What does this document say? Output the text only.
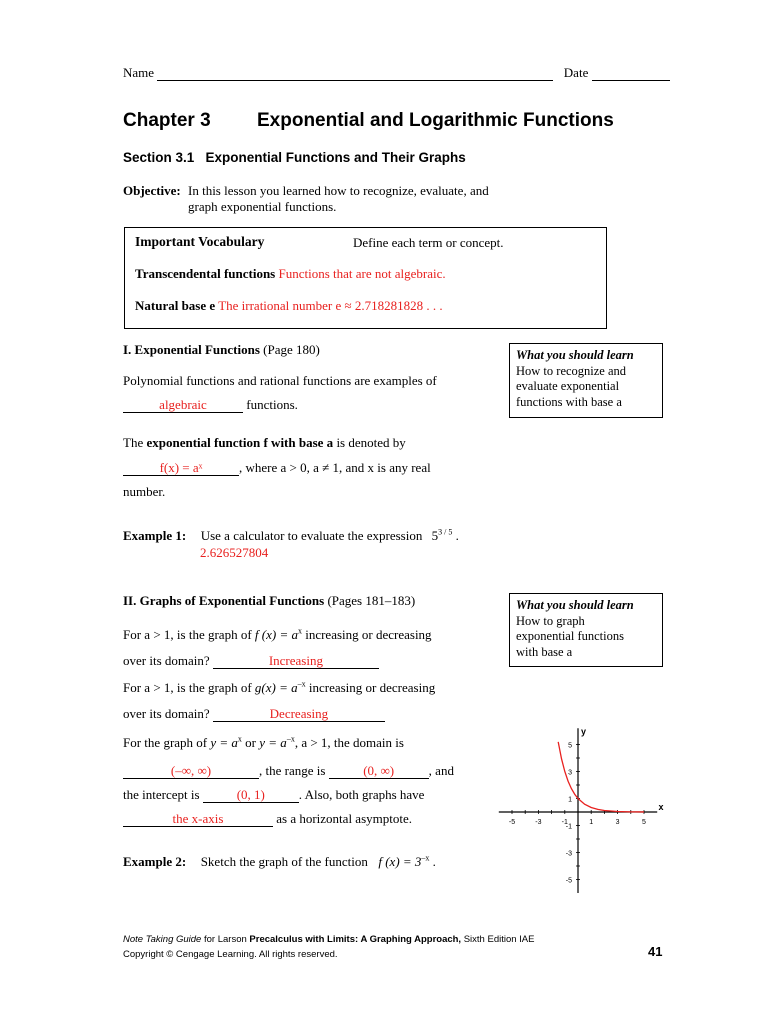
Name	Date
Chapter 3 Exponential and Logarithmic Functions
Section 3.1   Exponential Functions and Their Graphs
Objective: In this lesson you learned how to recognize, evaluate, and
graph exponential functions.
Important Vocabulary	Define each term or concept.
Transcendental functions Functions that are not algebraic.
Natural base e The irrational number e ≈ 2.718281828 . . .
I. Exponential Functions (Page 180)	What you should learn
How to recognize and
evaluate exponential
functions with base a
Polynomial functions and rational functions are examples of
algebraic	functions.
The exponential function f with base a is denoted by
f(x) = aˣ	, where a > 0, a ≠ 1, and x is any real
number.
Example 1: Use a calculator to evaluate the expression $5^{3 / 5}$ .
2.626527804
II. Graphs of Exponential Functions (Pages 181–183)	What you should learn
How to graph
exponential functions
with base a
For a > 1, is the graph of f $(x) = a^x$ increasing or decreasing
over its domain?	Increasing
For a > 1, is the graph of $g(x) = a^{-x}$ increasing or decreasing
over its domain?	Decreasing
For the graph of $y = a^x$ or $y = a^{-x}$, a > 1, the domain is
(–∞, ∞)	, the range is	(0, ∞)	, and
the intercept is	(0, 1)	. Also, both graphs have
the x-axis	as a horizontal asymptote.
Example 2: Sketch the graph of the function f $(x) = 3^{-x}$ .
-5	-3	-1	1	3	5
5
3
1
-1
-3
-5
x
y
Note Taking Guide for Larson Precalculus with Limits: A Graphing Approach, Sixth Edition IAE
Copyright © Cengage Learning. All rights reserved.	41
